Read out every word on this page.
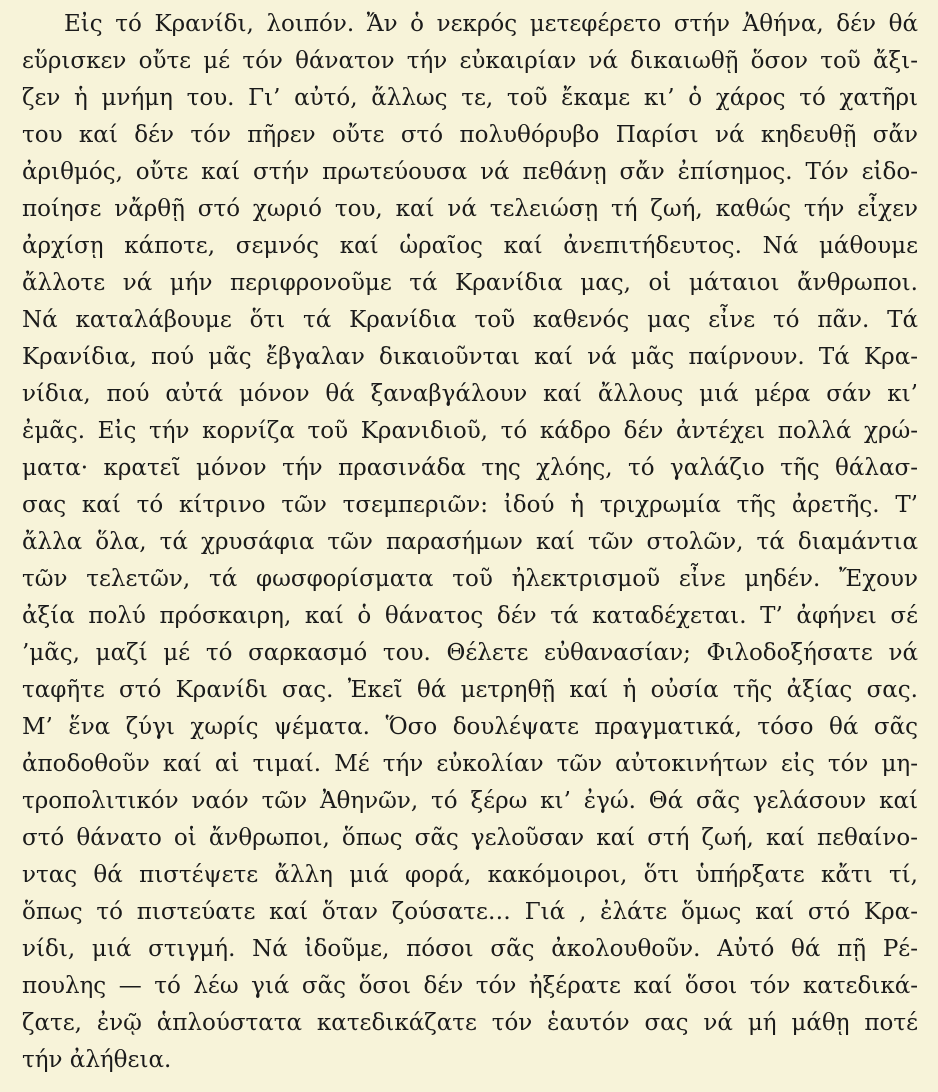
Εἰς τό Κρανίδι, λοιπόν. Ἄν ὁ νεκρός μετεφέρετο στήν Ἀθήνα, δέν θά
εὕρισκεν οὔτε μέ τόν θάνατον τήν εὐκαιρίαν νά δικαιωθῇ ὅσον τοῦ ἄξι-
ζεν ἡ μνήμη του. Γι’ αὐτό, ἄλλως τε, τοῦ ἔκαμε κι’ ὁ χάρος τό χατῆρι
του καί δέν τόν πῆρεν οὔτε στό πολυθόρυβο Παρίσι νά κηδευθῇ σἄν
ἀριθμός, οὔτε καί στήν πρωτεύουσα νά πεθάνῃ σἄν ἐπίσημος. Τόν εἰδο-
ποίησε νἄρθῇ στό χωριό του, καί νά τελειώσῃ τή ζωή, καθώς τήν εἶχεν
ἀρχίσῃ κάποτε, σεμνός καί ὡραῖος καί ἀνεπιτήδευτος. Νά μάθουμε
ἄλλοτε νά μήν περιφρονοῦμε τά Κρανίδια μας, οἱ μάταιοι ἄνθρωποι.
Νά καταλάβουμε ὅτι τά Κρανίδια τοῦ καθενός μας εἶνε τό πᾶν. Τά
Κρανίδια, πού μᾶς ἔβγαλαν δικαιοῦνται καί νά μᾶς παίρνουν. Τά Κρα-
νίδια, πού αὐτά μόνον θά ξαναβγάλουν καί ἄλλους μιά μέρα σάν κι’
ἐμᾶς. Εἰς τήν κορνίζα τοῦ Κρανιδιοῦ, τό κάδρο δέν ἀντέχει πολλά χρώ-
ματα· κρατεῖ μόνον τήν πρασινάδα της χλόης, τό γαλάζιο τῆς θάλασ-
σας καί τό κίτρινο τῶν τσεμπεριῶν: ἰδού ἡ τριχρωμία τῆς ἀρετῆς. Τ’
ἄλλα ὅλα, τά χρυσάφια τῶν παρασήμων καί τῶν στολῶν, τά διαμάντια
τῶν τελετῶν, τά φωσφορίσματα τοῦ ἠλεκτρισμοῦ εἶνε μηδέν. Ἔχουν
ἀξία πολύ πρόσκαιρη, καί ὁ θάνατος δέν τά καταδέχεται. Τ’ ἀφήνει σέ
’μᾶς, μαζί μέ τό σαρκασμό του. Θέλετε εὐθανασίαν; Φιλοδοξήσατε νά
ταφῆτε στό Κρανίδι σας. Ἐκεῖ θά μετρηθῇ καί ἡ οὐσία τῆς ἀξίας σας.
Μ’ ἕνα ζύγι χωρίς ψέματα. Ὅσο δουλέψατε πραγματικά, τόσο θά σᾶς
ἀποδοθοῦν καί αἱ τιμαί. Μέ τήν εὐκολίαν τῶν αὐτοκινήτων εἰς τόν μη-
τροπολιτικόν ναόν τῶν Ἀθηνῶν, τό ξέρω κι’ ἐγώ. Θά σᾶς γελάσουν καί
στό θάνατο οἱ ἄνθρωποι, ὅπως σᾶς γελοῦσαν καί στή ζωή, καί πεθαίνο-
ντας θά πιστέψετε ἄλλη μιά φορά, κακόμοιροι, ὅτι ὑπήρξατε κἄτι τί,
ὅπως τό πιστεύατε καί ὅταν ζούσατε… Γιά , ἐλάτε ὅμως καί στό Κρα-
νίδι, μιά στιγμή. Νά ἰδοῦμε, πόσοι σᾶς ἀκολουθοῦν. Αὐτό θά πῇ Ρέ-
πουλης — τό λέω γιά σᾶς ὅσοι δέν τόν ἠξέρατε καί ὅσοι τόν κατεδικά-
ζατε, ἐνῷ ἁπλούστατα κατεδικάζατε τόν ἑαυτόν σας νά μή μάθῃ ποτέ
τήν ἀλήθεια.
